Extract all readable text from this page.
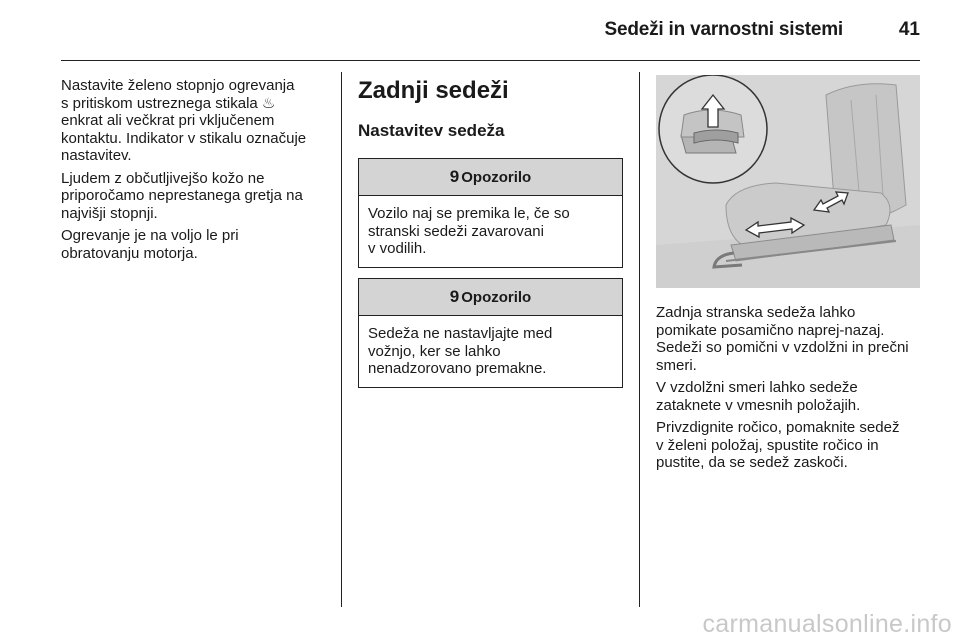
Sedeži in varnostni sistemi	41

Nastavite želeno stopnjo ogrevanja
s pritiskom ustreznega stikala ♨
enkrat ali večkrat pri vključenem
kontaktu. Indikator v stikalu označuje
nastavitev.

Ljudem z občutljivejšo kožo ne
priporočamo neprestanega gretja na
najvišji stopnji.

Ogrevanje je na voljo le pri
obratovanju motorja.

Zadnji sedeži
Nastavitev sedeža
9 Opozorilo
Vozilo naj se premika le, če so
stranski sedeži zavarovani
v vodilih.
9 Opozorilo
Sedeža ne nastavljajte med
vožnjo, ker se lahko
nenadzorovano premakne.

Zadnja stranska sedeža lahko
pomikate posamično naprej-nazaj.
Sedeži so pomični v vzdolžni in prečni
smeri.

V vzdolžni smeri lahko sedeže
zataknete v vmesnih položajih.

Privzdignite ročico, pomaknite sedež
v želeni položaj, spustite ročico in
pustite, da se sedež zaskoči.

carmanualsonline.info
